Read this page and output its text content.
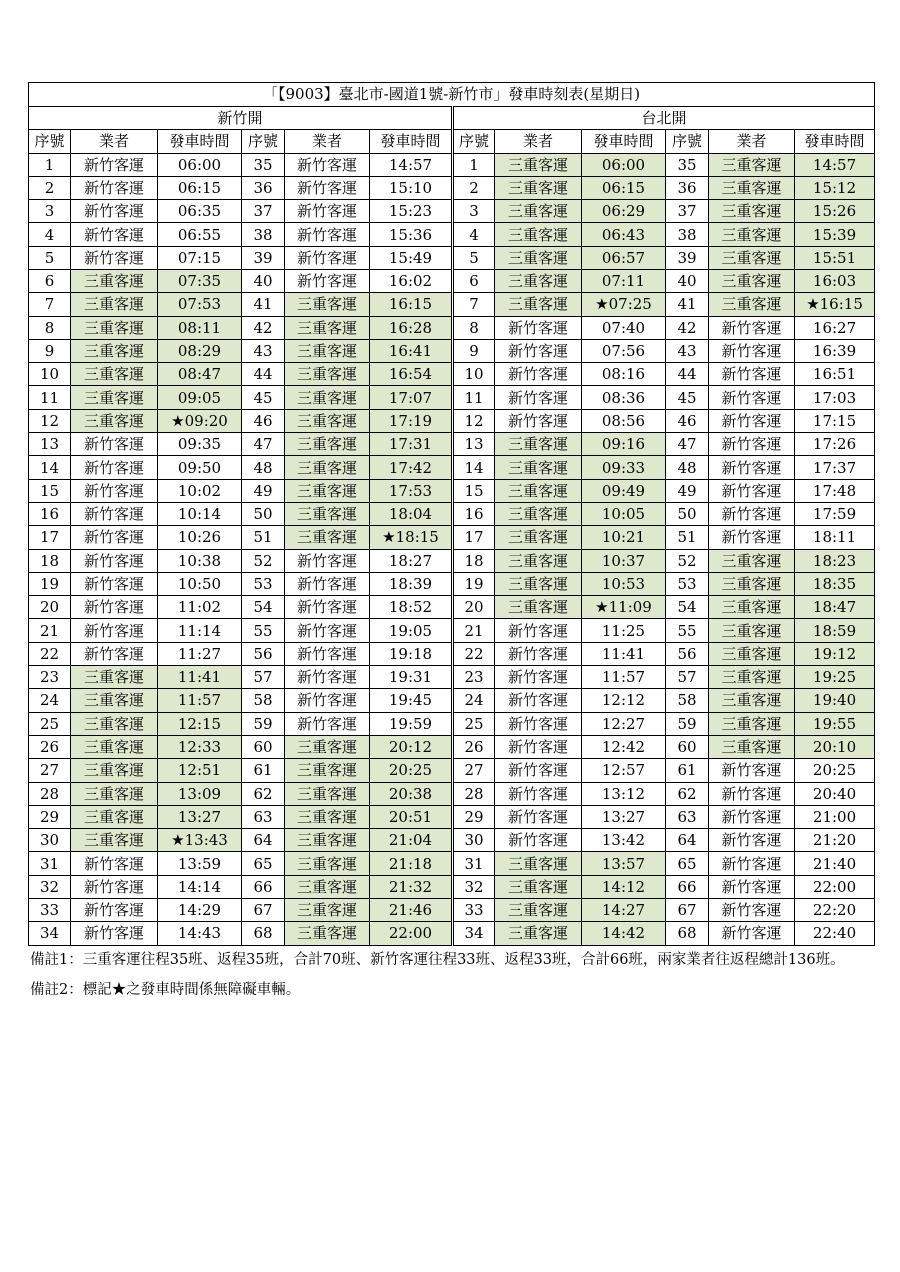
「【9003】臺北市-國道1號-新竹市」發車時刻表(星期日)											
新竹開						台北開					
序號	業者	發車時間	序號	業者	發車時間	序號	業者	發車時間	序號	業者	發車時間
1	新竹客運	06:00	35	新竹客運	14:57	1	三重客運	06:00	35	三重客運	14:57
2	新竹客運	06:15	36	新竹客運	15:10	2	三重客運	06:15	36	三重客運	15:12
3	新竹客運	06:35	37	新竹客運	15:23	3	三重客運	06:29	37	三重客運	15:26
4	新竹客運	06:55	38	新竹客運	15:36	4	三重客運	06:43	38	三重客運	15:39
5	新竹客運	07:15	39	新竹客運	15:49	5	三重客運	06:57	39	三重客運	15:51
6	三重客運	07:35	40	新竹客運	16:02	6	三重客運	07:11	40	三重客運	16:03
7	三重客運	07:53	41	三重客運	16:15	7	三重客運	★07:25	41	三重客運	★16:15
8	三重客運	08:11	42	三重客運	16:28	8	新竹客運	07:40	42	新竹客運	16:27
9	三重客運	08:29	43	三重客運	16:41	9	新竹客運	07:56	43	新竹客運	16:39
10	三重客運	08:47	44	三重客運	16:54	10	新竹客運	08:16	44	新竹客運	16:51
11	三重客運	09:05	45	三重客運	17:07	11	新竹客運	08:36	45	新竹客運	17:03
12	三重客運	★09:20	46	三重客運	17:19	12	新竹客運	08:56	46	新竹客運	17:15
13	新竹客運	09:35	47	三重客運	17:31	13	三重客運	09:16	47	新竹客運	17:26
14	新竹客運	09:50	48	三重客運	17:42	14	三重客運	09:33	48	新竹客運	17:37
15	新竹客運	10:02	49	三重客運	17:53	15	三重客運	09:49	49	新竹客運	17:48
16	新竹客運	10:14	50	三重客運	18:04	16	三重客運	10:05	50	新竹客運	17:59
17	新竹客運	10:26	51	三重客運	★18:15	17	三重客運	10:21	51	新竹客運	18:11
18	新竹客運	10:38	52	新竹客運	18:27	18	三重客運	10:37	52	三重客運	18:23
19	新竹客運	10:50	53	新竹客運	18:39	19	三重客運	10:53	53	三重客運	18:35
20	新竹客運	11:02	54	新竹客運	18:52	20	三重客運	★11:09	54	三重客運	18:47
21	新竹客運	11:14	55	新竹客運	19:05	21	新竹客運	11:25	55	三重客運	18:59
22	新竹客運	11:27	56	新竹客運	19:18	22	新竹客運	11:41	56	三重客運	19:12
23	三重客運	11:41	57	新竹客運	19:31	23	新竹客運	11:57	57	三重客運	19:25
24	三重客運	11:57	58	新竹客運	19:45	24	新竹客運	12:12	58	三重客運	19:40
25	三重客運	12:15	59	新竹客運	19:59	25	新竹客運	12:27	59	三重客運	19:55
26	三重客運	12:33	60	三重客運	20:12	26	新竹客運	12:42	60	三重客運	20:10
27	三重客運	12:51	61	三重客運	20:25	27	新竹客運	12:57	61	新竹客運	20:25
28	三重客運	13:09	62	三重客運	20:38	28	新竹客運	13:12	62	新竹客運	20:40
29	三重客運	13:27	63	三重客運	20:51	29	新竹客運	13:27	63	新竹客運	21:00
30	三重客運	★13:43	64	三重客運	21:04	30	新竹客運	13:42	64	新竹客運	21:20
31	新竹客運	13:59	65	三重客運	21:18	31	三重客運	13:57	65	新竹客運	21:40
32	新竹客運	14:14	66	三重客運	21:32	32	三重客運	14:12	66	新竹客運	22:00
33	新竹客運	14:29	67	三重客運	21:46	33	三重客運	14:27	67	新竹客運	22:20
34	新竹客運	14:43	68	三重客運	22:00	34	三重客運	14:42	68	新竹客運	22:40

備註1：三重客運往程35班、返程35班，合計70班、新竹客運往程33班、返程33班，合計66班，兩家業者往返程總計136班。

備註2：標記★之發車時間係無障礙車輛。
